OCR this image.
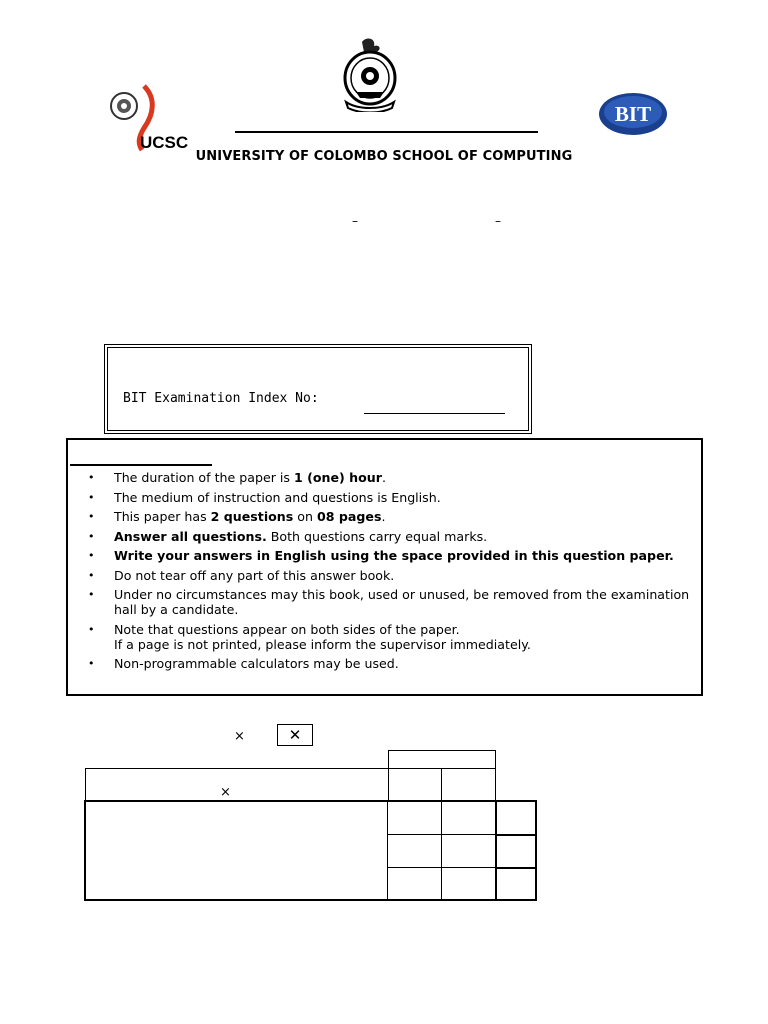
UCSC
BIT
UNIVERSITY OF COLOMBO SCHOOL OF COMPUTING
–	–
BIT Examination Index No:
• The duration of the paper is 1 (one) hour.
• The medium of instruction and questions is English.
• This paper has 2 questions on 08 pages.
• Answer all questions. Both questions carry equal marks.
• Write your answers in English using the space provided in this question paper.
• Do not tear off any part of this answer book.
• Under no circumstances may this book, used or unused, be removed from the examination hall by a candidate.
• Note that questions appear on both sides of the paper.
If a page is not printed, please inform the supervisor immediately.
• Non-programmable calculators may be used.
×	✕
×
